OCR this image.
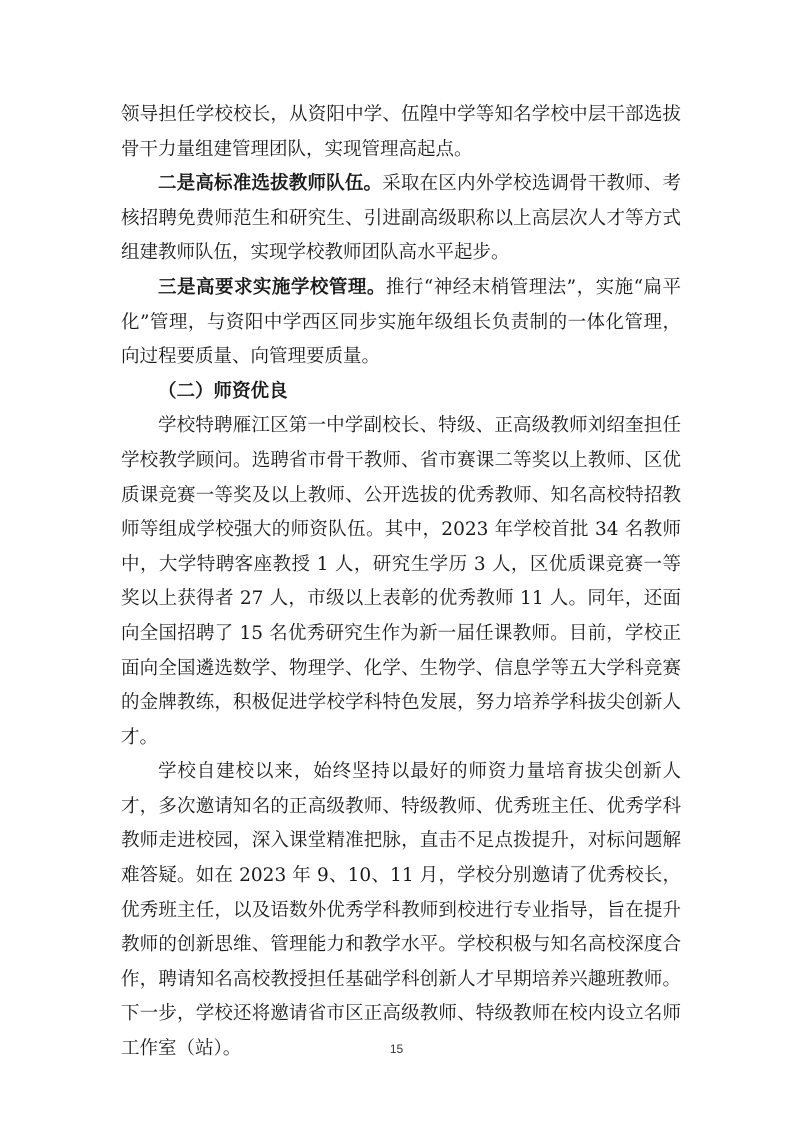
领导担任学校校长，从资阳中学、伍隍中学等知名学校中层干部选拔骨干力量组建管理团队，实现管理高起点。

二是高标准选拔教师队伍。采取在区内外学校选调骨干教师、考核招聘免费师范生和研究生、引进副高级职称以上高层次人才等方式组建教师队伍，实现学校教师团队高水平起步。

三是高要求实施学校管理。推行“神经末梢管理法”，实施“扁平化”管理，与资阳中学西区同步实施年级组长负责制的一体化管理，向过程要质量、向管理要质量。

（二）师资优良

学校特聘雁江区第一中学副校长、特级、正高级教师刘绍奎担任学校教学顾问。选聘省市骨干教师、省市赛课二等奖以上教师、区优质课竞赛一等奖及以上教师、公开选拔的优秀教师、知名高校特招教师等组成学校强大的师资队伍。其中，2023 年学校首批 34 名教师中，大学特聘客座教授 1 人，研究生学历 3 人，区优质课竞赛一等奖以上获得者 27 人，市级以上表彰的优秀教师 11 人。同年，还面向全国招聘了 15 名优秀研究生作为新一届任课教师。目前，学校正面向全国遴选数学、物理学、化学、生物学、信息学等五大学科竞赛的金牌教练，积极促进学校学科特色发展，努力培养学科拔尖创新人才。

学校自建校以来，始终坚持以最好的师资力量培育拔尖创新人才，多次邀请知名的正高级教师、特级教师、优秀班主任、优秀学科教师走进校园，深入课堂精准把脉，直击不足点拨提升，对标问题解难答疑。如在 2023 年 9、10、11 月，学校分别邀请了优秀校长，优秀班主任，以及语数外优秀学科教师到校进行专业指导，旨在提升教师的创新思维、管理能力和教学水平。学校积极与知名高校深度合作，聘请知名高校教授担任基础学科创新人才早期培养兴趣班教师。下一步，学校还将邀请省市区正高级教师、特级教师在校内设立名师工作室（站）。	15
